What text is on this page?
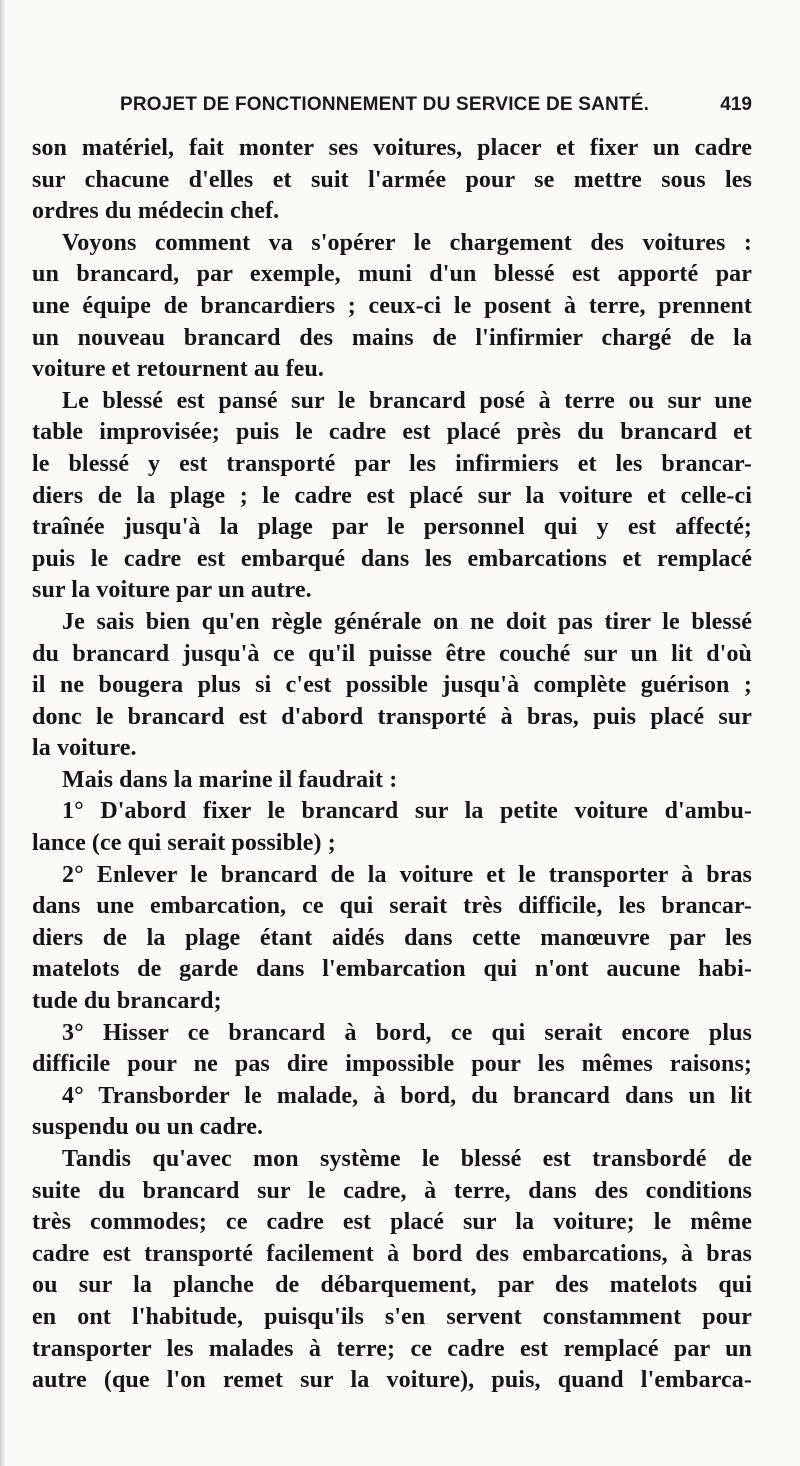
PROJET DE FONCTIONNEMENT DU SERVICE DE SANTÉ.	419
son matériel, fait monter ses voitures, placer et fixer un cadre
sur chacune d'elles et suit l'armée pour se mettre sous les
ordres du médecin chef.
Voyons comment va s'opérer le chargement des voitures :
un brancard, par exemple, muni d'un blessé est apporté par
une équipe de brancardiers ; ceux-ci le posent à terre, prennent
un nouveau brancard des mains de l'infirmier chargé de la
voiture et retournent au feu.
Le blessé est pansé sur le brancard posé à terre ou sur une
table improvisée; puis le cadre est placé près du brancard et
le blessé y est transporté par les infirmiers et les brancar-
diers de la plage ; le cadre est placé sur la voiture et celle-ci
traînée jusqu'à la plage par le personnel qui y est affecté;
puis le cadre est embarqué dans les embarcations et remplacé
sur la voiture par un autre.
Je sais bien qu'en règle générale on ne doit pas tirer le blessé
du brancard jusqu'à ce qu'il puisse être couché sur un lit d'où
il ne bougera plus si c'est possible jusqu'à complète guérison ;
donc le brancard est d'abord transporté à bras, puis placé sur
la voiture.
Mais dans la marine il faudrait :
1° D'abord fixer le brancard sur la petite voiture d'ambu-
lance (ce qui serait possible) ;
2° Enlever le brancard de la voiture et le transporter à bras
dans une embarcation, ce qui serait très difficile, les brancar-
diers de la plage étant aidés dans cette manœuvre par les
matelots de garde dans l'embarcation qui n'ont aucune habi-
tude du brancard;
3° Hisser ce brancard à bord, ce qui serait encore plus
difficile pour ne pas dire impossible pour les mêmes raisons;
4° Transborder le malade, à bord, du brancard dans un lit
suspendu ou un cadre.
Tandis qu'avec mon système le blessé est transbordé de
suite du brancard sur le cadre, à terre, dans des conditions
très commodes; ce cadre est placé sur la voiture; le même
cadre est transporté facilement à bord des embarcations, à bras
ou sur la planche de débarquement, par des matelots qui
en ont l'habitude, puisqu'ils s'en servent constamment pour
transporter les malades à terre; ce cadre est remplacé par un
autre (que l'on remet sur la voiture), puis, quand l'embarca-
